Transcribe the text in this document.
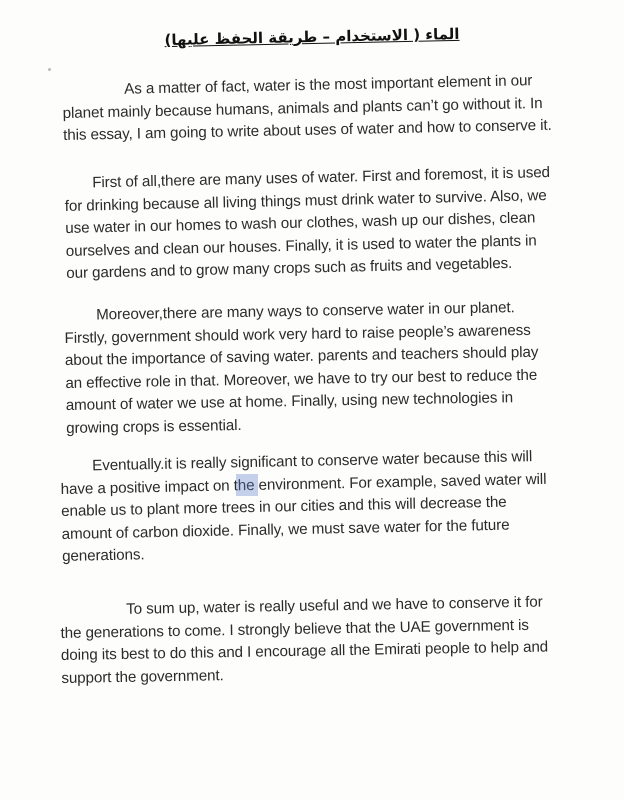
الماء ( الاستخدام – طريقة الحفظ عليها)
As a matter of fact, water is the most important element in our
planet mainly because humans, animals and plants can’t go without it. In
this essay, I am going to write about uses of water and how to conserve it.
First of all,there are many uses of water. First and foremost, it is used
for drinking because all living things must drink water to survive. Also, we
use water in our homes to wash our clothes, wash up our dishes, clean
ourselves and clean our houses. Finally, it is used to water the plants in
our gardens and to grow many crops such as fruits and vegetables.
Moreover,there are many ways to conserve water in our planet.
Firstly, government should work very hard to raise people’s awareness
about the importance of saving water. parents and teachers should play
an effective role in that. Moreover, we have to try our best to reduce the
amount of water we use at home. Finally, using new technologies in
growing crops is essential.
Eventually.it is really significant to conserve water because this will
have a positive impact on the environment. For example, saved water will
enable us to plant more trees in our cities and this will decrease the
amount of carbon dioxide. Finally, we must save water for the future
generations.
To sum up, water is really useful and we have to conserve it for
the generations to come. I strongly believe that the UAE government is
doing its best to do this and I encourage all the Emirati people to help and
support the government.
